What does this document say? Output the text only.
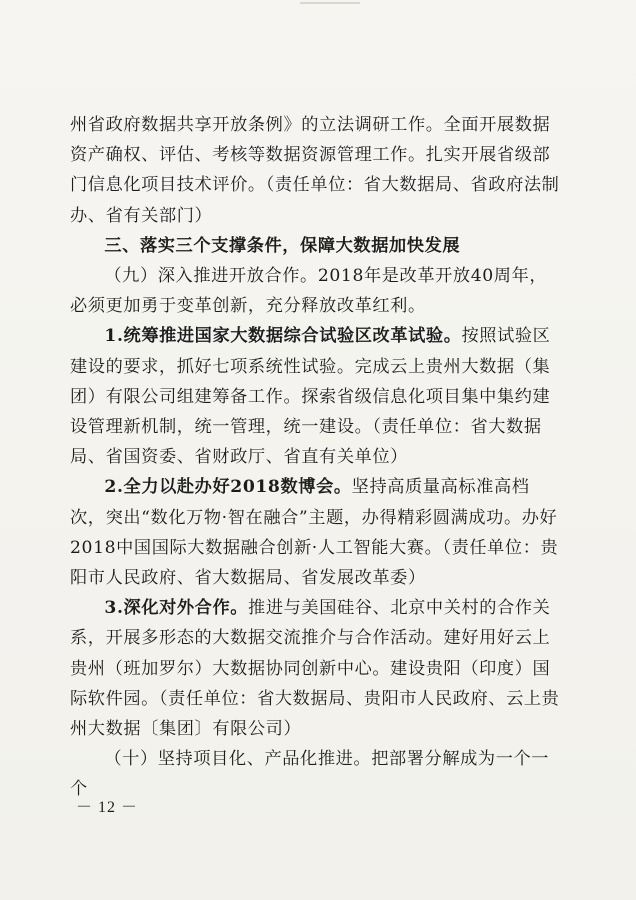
州省政府数据共享开放条例》的立法调研工作。全面开展数据资产确权、评估、考核等数据资源管理工作。扎实开展省级部门信息化项目技术评价。（责任单位：省大数据局、省政府法制办、省有关部门）

三、落实三个支撑条件，保障大数据加快发展

（九）深入推进开放合作。2018年是改革开放40周年，必须更加勇于变革创新，充分释放改革红利。

1.统筹推进国家大数据综合试验区改革试验。按照试验区建设的要求，抓好七项系统性试验。完成云上贵州大数据（集团）有限公司组建筹备工作。探索省级信息化项目集中集约建设管理新机制，统一管理，统一建设。（责任单位：省大数据局、省国资委、省财政厅、省直有关单位）

2.全力以赴办好2018数博会。坚持高质量高标准高档次，突出“数化万物·智在融合”主题，办得精彩圆满成功。办好2018中国国际大数据融合创新·人工智能大赛。（责任单位：贵阳市人民政府、省大数据局、省发展改革委）

3.深化对外合作。推进与美国硅谷、北京中关村的合作关系，开展多形态的大数据交流推介与合作活动。建好用好云上贵州（班加罗尔）大数据协同创新中心。建设贵阳（印度）国际软件园。（责任单位：省大数据局、贵阳市人民政府、云上贵州大数据〔集团〕有限公司）

（十）坚持项目化、产品化推进。把部署分解成为一个一个

－ 12 －
